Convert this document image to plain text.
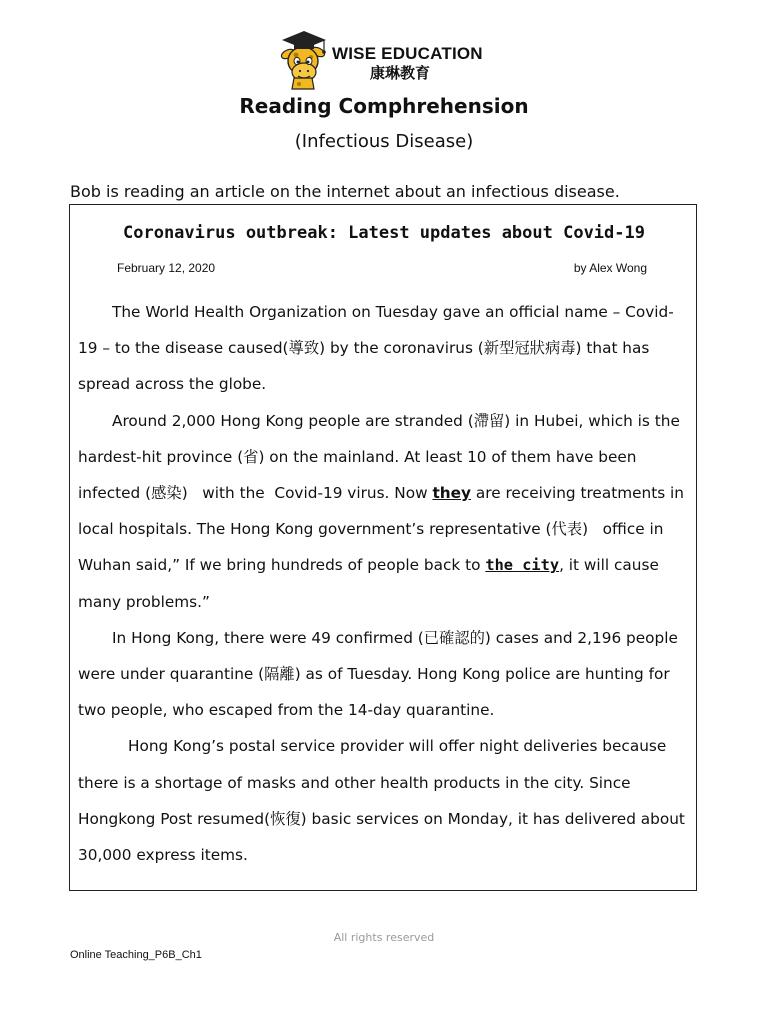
WISE EDUCATION
康琳教育
Reading Comphrehension
(Infectious Disease)
Bob is reading an article on the internet about an infectious disease.
Coronavirus outbreak: Latest updates about Covid-19
February 12, 2020	by Alex Wong

The World Health Organization on Tuesday gave an official name – Covid-19 – to the disease caused(導致) by the coronavirus (新型冠狀病毒) that has spread across the globe.

Around 2,000 Hong Kong people are stranded (滯留) in Hubei, which is the hardest-hit province (省) on the mainland. At least 10 of them have been infected (感染)   with the  Covid-19 virus. Now they are receiving treatments in local hospitals. The Hong Kong government’s representative (代表)   office in Wuhan said,” If we bring hundreds of people back to the city, it will cause many problems.”

In Hong Kong, there were 49 confirmed (已確認的) cases and 2,196 people were under quarantine (隔離) as of Tuesday. Hong Kong police are hunting for two people, who escaped from the 14-day quarantine.

Hong Kong’s postal service provider will offer night deliveries because there is a shortage of masks and other health products in the city. Since Hongkong Post resumed(恢復) basic services on Monday, it has delivered about 30,000 express items.

All rights reserved
Online Teaching_P6B_Ch1
